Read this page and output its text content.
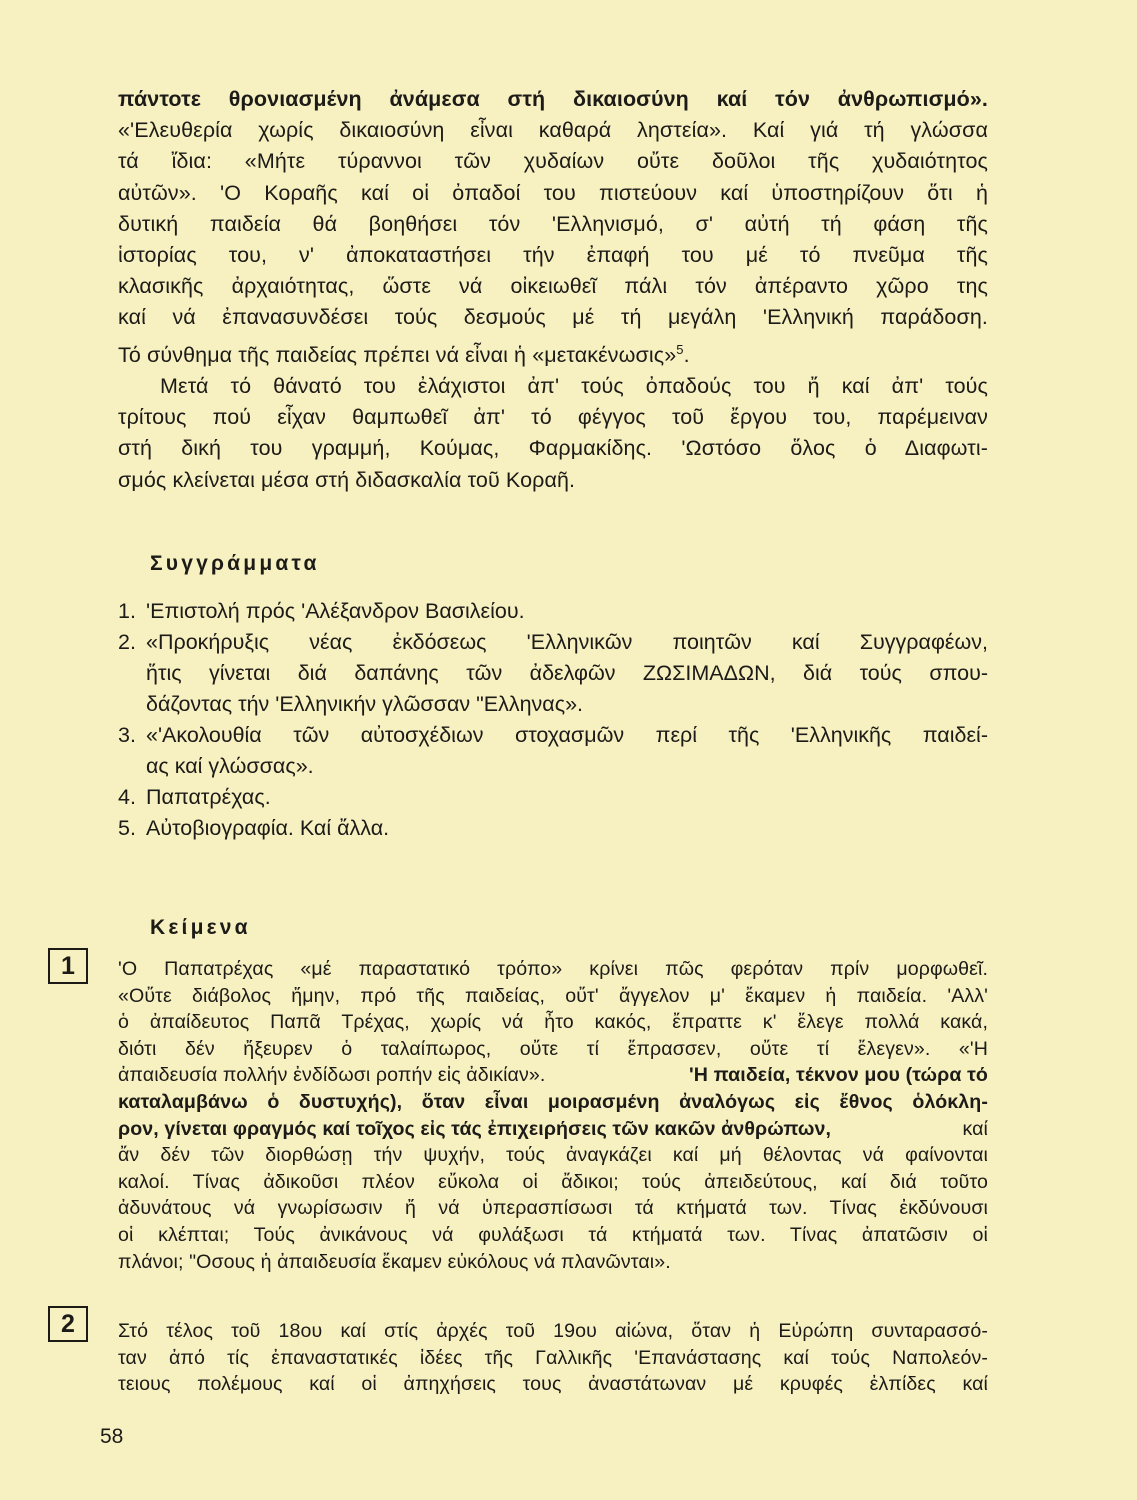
πάντοτε θρονιασμένη ἀνάμεσα στή δικαιοσύνη καί τόν ἀνθρωπισμό».
«'Ελευθερία χωρίς δικαιοσύνη εἶναι καθαρά ληστεία». Καί γιά τή γλώσσα
τά ἴδια: «Μήτε τύραννοι τῶν χυδαίων οὔτε δοῦλοι τῆς χυδαιότητος
αὐτῶν». 'Ο Κοραῆς καί οἱ ὀπαδοί του πιστεύουν καί ὑποστηρίζουν ὅτι ἡ
δυτική παιδεία θά βοηθήσει τόν 'Ελληνισμό, σ' αὐτή τή φάση τῆς
ἱστορίας του, ν' ἀποκαταστήσει τήν ἐπαφή του μέ τό πνεῦμα τῆς
κλασικῆς ἀρχαιότητας, ὥστε νά οἰκειωθεῖ πάλι τόν ἀπέραντο χῶρο της
καί νά ἐπανασυνδέσει τούς δεσμούς μέ τή μεγάλη 'Ελληνική παράδοση.
Τό σύνθημα τῆς παιδείας πρέπει νά εἶναι ἡ «μετακένωσις»$^5$.
Μετά τό θάνατό του ἐλάχιστοι ἀπ' τούς ὀπαδούς του ἤ καί ἀπ' τούς
τρίτους πού εἶχαν θαμπωθεῖ ἀπ' τό φέγγος τοῦ ἔργου του, παρέμειναν
στή δική του γραμμή, Κούμας, Φαρμακίδης. 'Ωστόσο ὅλος ὁ Διαφωτι-
σμός κλείνεται μέσα στή διδασκαλία τοῦ Κοραῆ.
Συγγράμματα
1. 'Επιστολή πρός 'Αλέξανδρον Βασιλείου.
2. «Προκήρυξις νέας ἐκδόσεως 'Ελληνικῶν ποιητῶν καί Συγγραφέων,
ἥτις γίνεται διά δαπάνης τῶν ἀδελφῶν ΖΩΣΙΜΑΔΩΝ, διά τούς σπου-
δάζοντας τήν 'Ελληνικήν γλῶσσαν "Ελληνας».
3. «'Ακολουθία τῶν αὐτοσχέδιων στοχασμῶν περί τῆς 'Ελληνικῆς παιδεί-
ας καί γλώσσας».
4. Παπατρέχας.
5. Αὐτοβιογραφία. Καί ἄλλα.
Κείμενα
1	'Ο Παπατρέχας «μέ παραστατικό τρόπο» κρίνει πῶς φερόταν πρίν μορφωθεῖ.
«Οὔτε διάβολος ἤμην, πρό τῆς παιδείας, οὔτ' ἄγγελον μ' ἔκαμεν ἡ παιδεία. 'Αλλ'
ὁ ἀπαίδευτος Παπᾶ Τρέχας, χωρίς νά ἦτο κακός, ἔπραττε κ' ἔλεγε πολλά κακά,
διότι δέν ἤξευρεν ὁ ταλαίπωρος, οὔτε τί ἔπρασσεν, οὔτε τί ἔλεγεν». «'Η
ἀπαιδευσία πολλήν ἐνδίδωσι ροπήν εἰς ἀδικίαν».	'Η παιδεία, τέκνον μου (τώρα τό
καταλαμβάνω ὁ δυστυχής), ὅταν εἶναι μοιρασμένη ἀναλόγως εἰς ἔθνος ὁλόκλη-
ρον, γίνεται φραγμός καί τοῖχος εἰς τάς ἐπιχειρήσεις τῶν κακῶν ἀνθρώπων,	καί
ἄν δέν τῶν διορθώσῃ τήν ψυχήν, τούς ἀναγκάζει καί μή θέλοντας νά φαίνονται
καλοί. Τίνας ἀδικοῦσι πλέον εὔκολα οἱ ἄδικοι; τούς ἀπειδεύτους, καί διά τοῦτο
ἀδυνάτους νά γνωρίσωσιν ἤ νά ὑπερασπίσωσι τά κτήματά των. Τίνας ἐκδύνουσι
οἱ κλέπται; Τούς ἀνικάνους νά φυλάξωσι τά κτήματά των. Τίνας ἀπατῶσιν οἱ
πλάνοι; "Οσους ἡ ἀπαιδευσία ἔκαμεν εὐκόλους νά πλανῶνται».
2	Στό τέλος τοῦ 18ου καί στίς ἀρχές τοῦ 19ου αἰώνα, ὅταν ἡ Εὐρώπη συνταρασσό-
ταν ἀπό τίς ἐπαναστατικές ἰδέες τῆς Γαλλικῆς 'Επανάστασης καί τούς Ναπολεόν-
τειους πολέμους καί οἱ ἀπηχήσεις τους ἀναστάτωναν μέ κρυφές ἐλπίδες καί
58
